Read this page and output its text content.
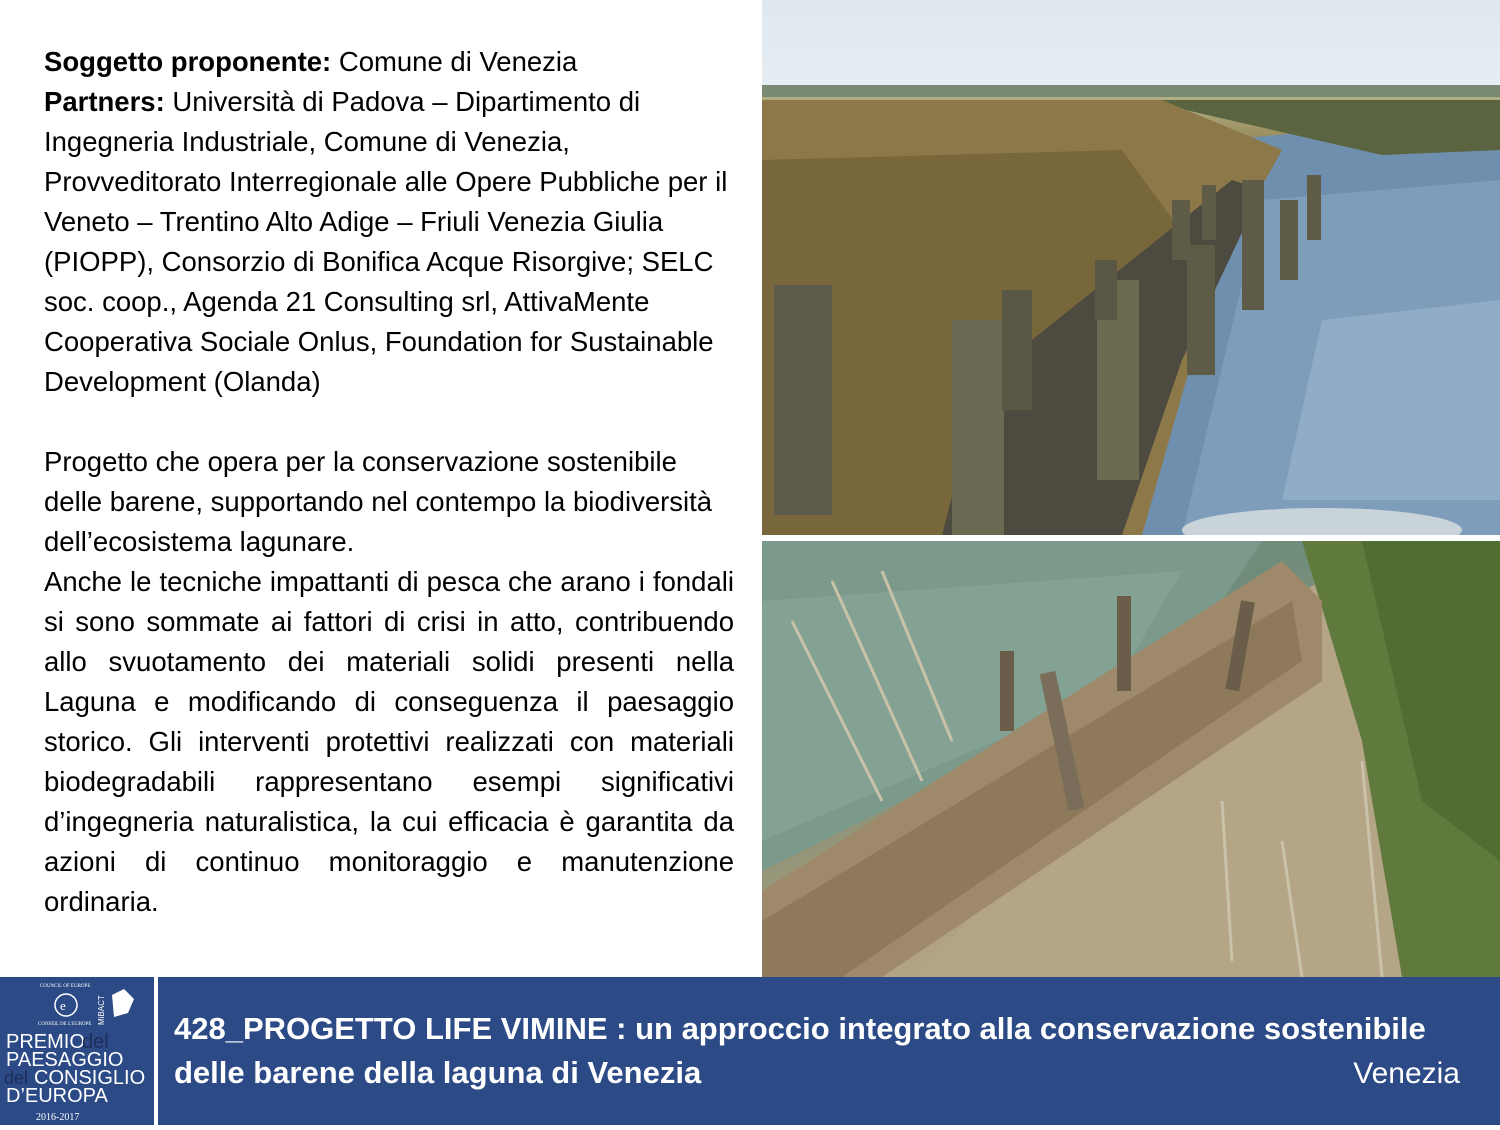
Soggetto proponente: Comune di Venezia

Partners: Università di Padova – Dipartimento di Ingegneria Industriale, Comune di Venezia, Provveditorato Interregionale alle Opere Pubbliche per il Veneto – Trentino Alto Adige – Friuli Venezia Giulia (PIOPP), Consorzio di Bonifica Acque Risorgive; SELC soc. coop., Agenda 21 Consulting srl, AttivaMente Cooperativa Sociale Onlus, Foundation for Sustainable Development (Olanda)

Progetto che opera per la conservazione sostenibile delle barene, supportando nel contempo la biodiversità dell’ecosistema lagunare.

Anche le tecniche impattanti di pesca che arano i fondali si sono sommate ai fattori di crisi in atto, contribuendo allo svuotamento dei materiali solidi presenti nella Laguna e modificando di conseguenza il paesaggio storico. Gli interventi protettivi realizzati con materiali biodegradabili rappresentano esempi significativi d’ingegneria naturalistica, la cui efficacia è garantita da azioni di continuo monitoraggio e manutenzione ordinaria.

COUNCIL OF EUROPE
e
CONSEIL DE L'EUROPE MiBACT
PREMIO
del
PAESAGGIO
del CONSIGLIO
D’EUROPA
2016-2017
428_PROGETTO LIFE VIMINE : un approccio integrato alla conservazione sostenibile delle barene della laguna di Venezia	Venezia
